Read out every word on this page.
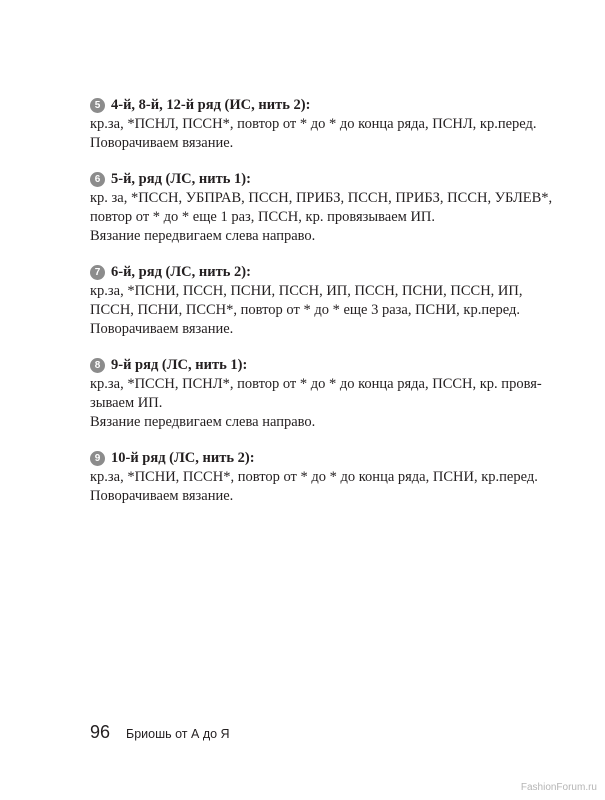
5 4-й, 8-й, 12-й ряд (ИС, нить 2):
кр.за, *ПСНЛ, ПССН*, повтор от * до * до конца ряда, ПСНЛ, кр.перед.
Поворачиваем вязание.
6 5-й, ряд (ЛС, нить 1):
кр. за, *ПССН, УБПРАВ, ПССН, ПРИБЗ, ПССН, ПРИБЗ, ПССН, УБЛЕВ*,
повтор от * до * еще 1 раз, ПССН, кр. провязываем ИП.
Вязание передвигаем слева направо.
7 6-й, ряд (ЛС, нить 2):
кр.за, *ПСНИ, ПССН, ПСНИ, ПССН, ИП, ПССН, ПСНИ, ПССН, ИП,
ПССН, ПСНИ, ПССН*, повтор от * до * еще 3 раза, ПСНИ, кр.перед.
Поворачиваем вязание.
8 9-й ряд (ЛС, нить 1):
кр.за, *ПССН, ПСНЛ*, повтор от * до * до конца ряда, ПССН, кр. провя-
зываем ИП.
Вязание передвигаем слева направо.
9 10-й ряд (ЛС, нить 2):
кр.за, *ПСНИ, ПССН*, повтор от * до * до конца ряда, ПСНИ, кр.перед.
Поворачиваем вязание.
96 Бриошь от А до Я
FashionForum.ru
